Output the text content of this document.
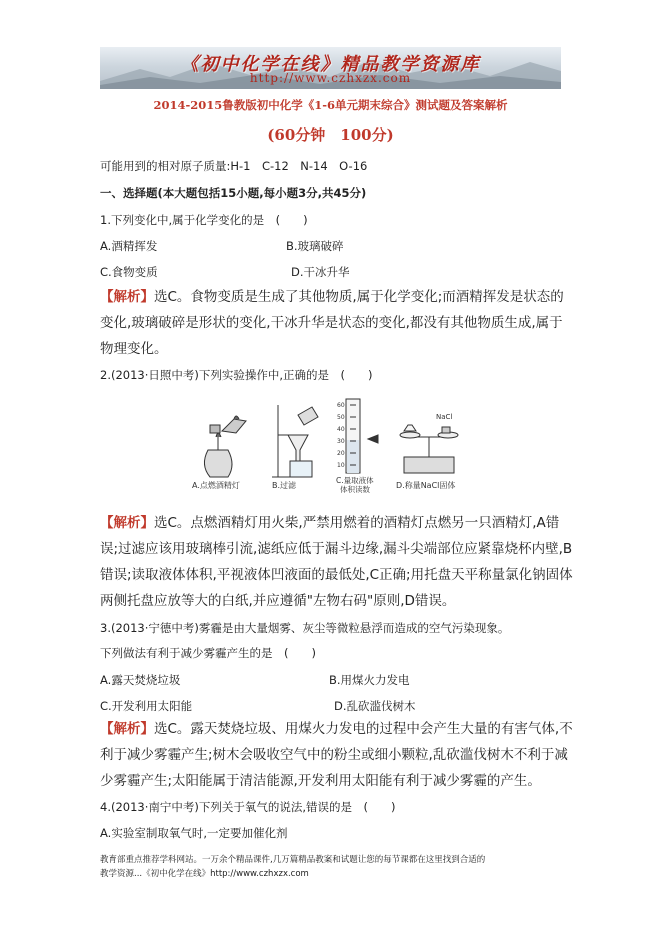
《初中化学在线》精品教学资源库
http://www.czhxzx.com
2014-2015鲁教版初中化学《1-6单元期末综合》测试题及答案解析
(60分钟　100分)
可能用到的相对原子质量:H-1　C-12　N-14　O-16
一、选择题(本大题包括15小题,每小题3分,共45分)
1.下列变化中,属于化学变化的是　(　　)
A.酒精挥发	B.玻璃破碎
C.食物变质	D.干冰升华
【解析】选C。食物变质是生成了其他物质,属于化学变化;而酒精挥发是状态的变化,玻璃破碎是形状的变化,干冰升华是状态的变化,都没有其他物质生成,属于物理变化。
2.(2013·日照中考)下列实验操作中,正确的是　(　　)
A.点燃酒精灯	B.过滤
60
50
40
30
20
10
C.量取液体
体积读数
NaCl
D.称量NaCl固体
【解析】选C。点燃酒精灯用火柴,严禁用燃着的酒精灯点燃另一只酒精灯,A错误;过滤应该用玻璃棒引流,滤纸应低于漏斗边缘,漏斗尖端部位应紧靠烧杯内壁,B错误;读取液体体积,平视液体凹液面的最低处,C正确;用托盘天平称量氯化钠固体两侧托盘应放等大的白纸,并应遵循"左物右码"原则,D错误。
3.(2013·宁德中考)雾霾是由大量烟雾、灰尘等微粒悬浮而造成的空气污染现象。
下列做法有利于减少雾霾产生的是　(　　)
A.露天焚烧垃圾	B.用煤火力发电
C.开发利用太阳能	D.乱砍滥伐树木
【解析】选C。露天焚烧垃圾、用煤火力发电的过程中会产生大量的有害气体,不利于减少雾霾产生;树木会吸收空气中的粉尘或细小颗粒,乱砍滥伐树木不利于减少雾霾产生;太阳能属于清洁能源,开发利用太阳能有利于减少雾霾的产生。
4.(2013·南宁中考)下列关于氧气的说法,错误的是　(　　)
A.实验室制取氧气时,一定要加催化剂
教育部重点推荐学科网站。一万余个精品课件,几万篇精品教案和试题让您的每节课都在这里找到合适的
教学资源...《初中化学在线》http://www.czhxzx.com
